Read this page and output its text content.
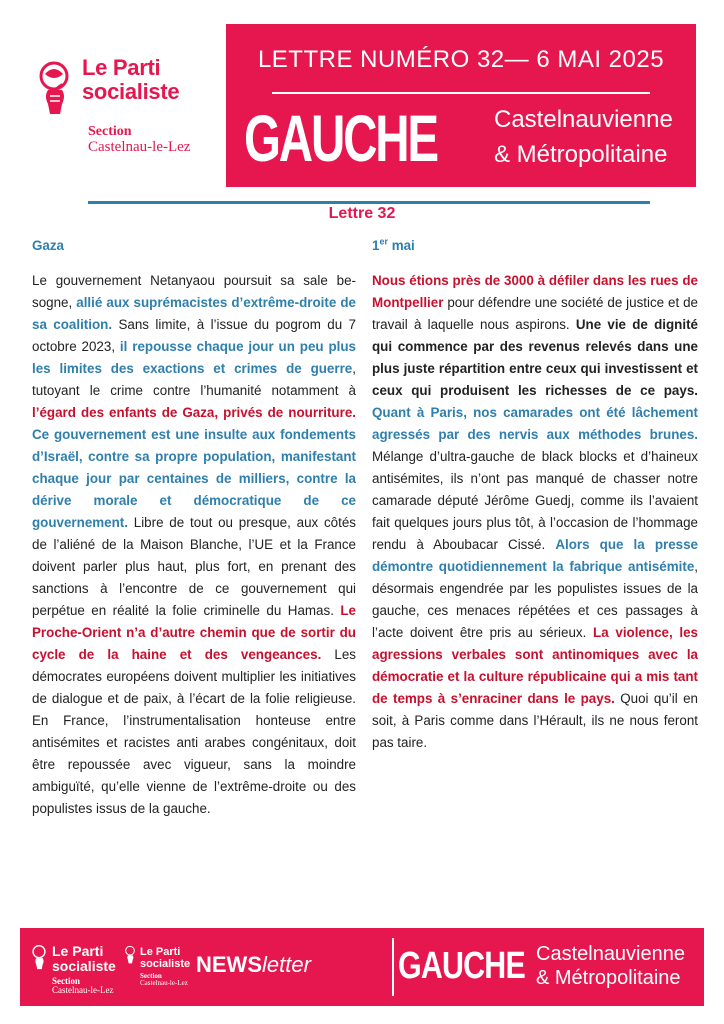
Le Parti
socialiste
Section
Castelnau-le-Lez
LETTRE NUMÉRO 32— 6 MAI 2025
GAUCHE Castelnauvienne
& Métropolitaine
Lettre 32
Gaza

Le gouvernement Netanyaou poursuit sa sale besogne, allié aux suprémacistes d’extrême-droite de sa coalition. Sans limite, à l’issue du pogrom du 7 octobre 2023, il repousse chaque jour un peu plus les limites des exactions et crimes de guerre, tutoyant le crime contre l’humanité notamment à l’égard des enfants de Gaza, privés de nourriture. Ce gouvernement est une insulte aux fondements d’Israël, contre sa propre population, manifestant chaque jour par centaines de milliers, contre la dérive morale et démocratique de ce gouvernement. Libre de tout ou presque, aux côtés de l’aliéné de la Maison Blanche, l’UE et la France doivent parler plus haut, plus fort, en prenant des sanctions à l’encontre de ce gouvernement qui perpétue en réalité la folie criminelle du Hamas. Le Proche-Orient n’a d’autre chemin que de sortir du cycle de la haine et des vengeances. Les démocrates européens doivent multiplier les initiatives de dialogue et de paix, à l’écart de la folie religieuse. En France, l’instrumentalisation honteuse entre antisémites et racistes anti arabes congénitaux, doit être repoussée avec vigueur, sans la moindre ambiguïté, qu’elle vienne de l’extrême-droite ou des populistes issus de la gauche.

1er mai

Nous étions près de 3000 à défiler dans les rues de Montpellier pour défendre une société de justice et de travail à laquelle nous aspirons. Une vie de dignité qui commence par des revenus relevés dans une plus juste répartition entre ceux qui investissent et ceux qui produisent les richesses de ce pays. Quant à Paris, nos camarades ont été lâchement agressés par des nervis aux méthodes brunes. Mélange d’ultra-gauche de black blocks et d’haineux antisémites, ils n’ont pas manqué de chasser notre camarade député Jérôme Guedj, comme ils l’avaient fait quelques jours plus tôt, à l’occasion de l’hommage rendu à Aboubacar Cissé. Alors que la presse démontre quotidiennement la fabrique antisémite, désormais engendrée par les populistes issues de la gauche, ces menaces répétées et ces passages à l’acte doivent être pris au sérieux. La violence, les agressions verbales sont antinomiques avec la démocratie et la culture républicaine qui a mis tant de temps à s’enraciner dans le pays. Quoi qu’il en soit, à Paris comme dans l’Hérault, ils ne nous feront pas taire.

Le Parti
socialiste
Section
Castelnau-le-Lez
Le Parti
socialiste
Section
Castelnau-le-Lez
NEWSletter GAUCHE Castelnauvienne
& Métropolitaine
